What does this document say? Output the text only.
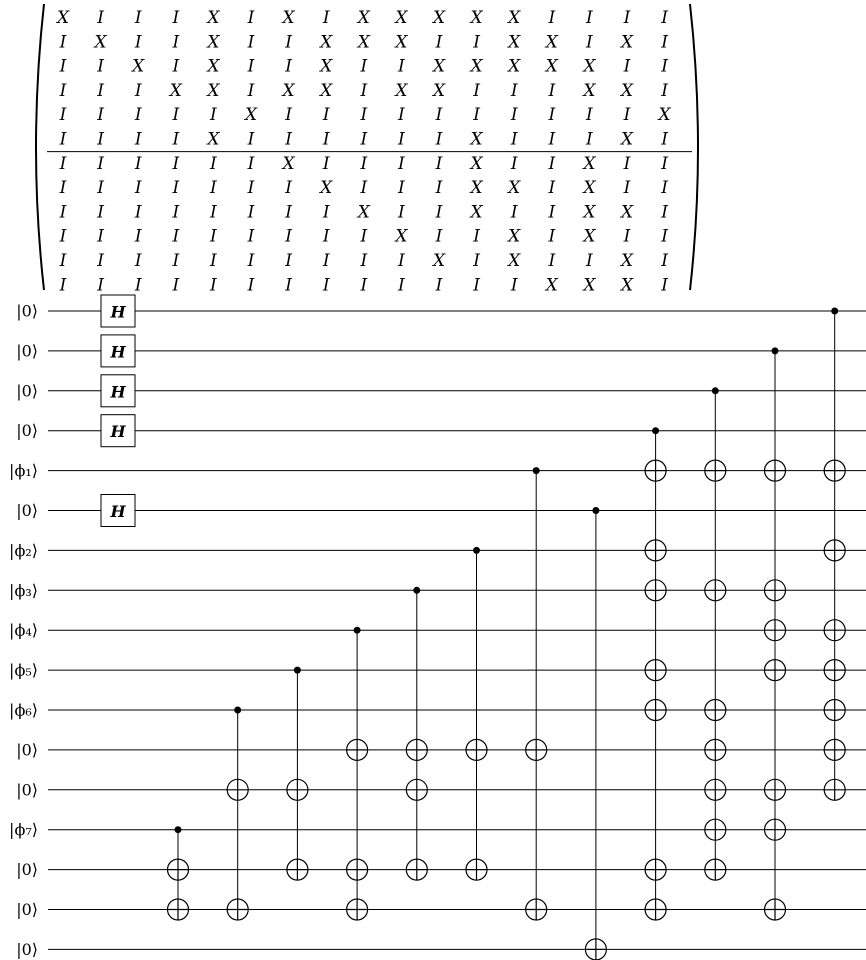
X I I I X I X I X X X X X I I I I
I X I I X I I X X X I I X X I X I
I I X I X I I X I I X X X X X I I
I I I X X I X X I X X I I I X X I
I I I I I X I I I I I I I I I I X
I I I I X I I I I I I X I I I X I
I I I I I I X I I I I X I I X I I
I I I I I I I X I I I X X I X I I
I I I I I I I I X I I X I I X X I
I I I I I I I I I X I I X I X I I
I I I I I I I I I I X I X I I X I
I I I I I I I I I I I I I X X X I
|0⟩
|0⟩
|0⟩
|0⟩
|ϕ₁⟩
|0⟩
|ϕ₂⟩
|ϕ₃⟩
|ϕ₄⟩
|ϕ₅⟩
|ϕ₆⟩
|0⟩
|0⟩
|ϕ₇⟩
|0⟩
|0⟩
|0⟩
H
H
H
H
H
